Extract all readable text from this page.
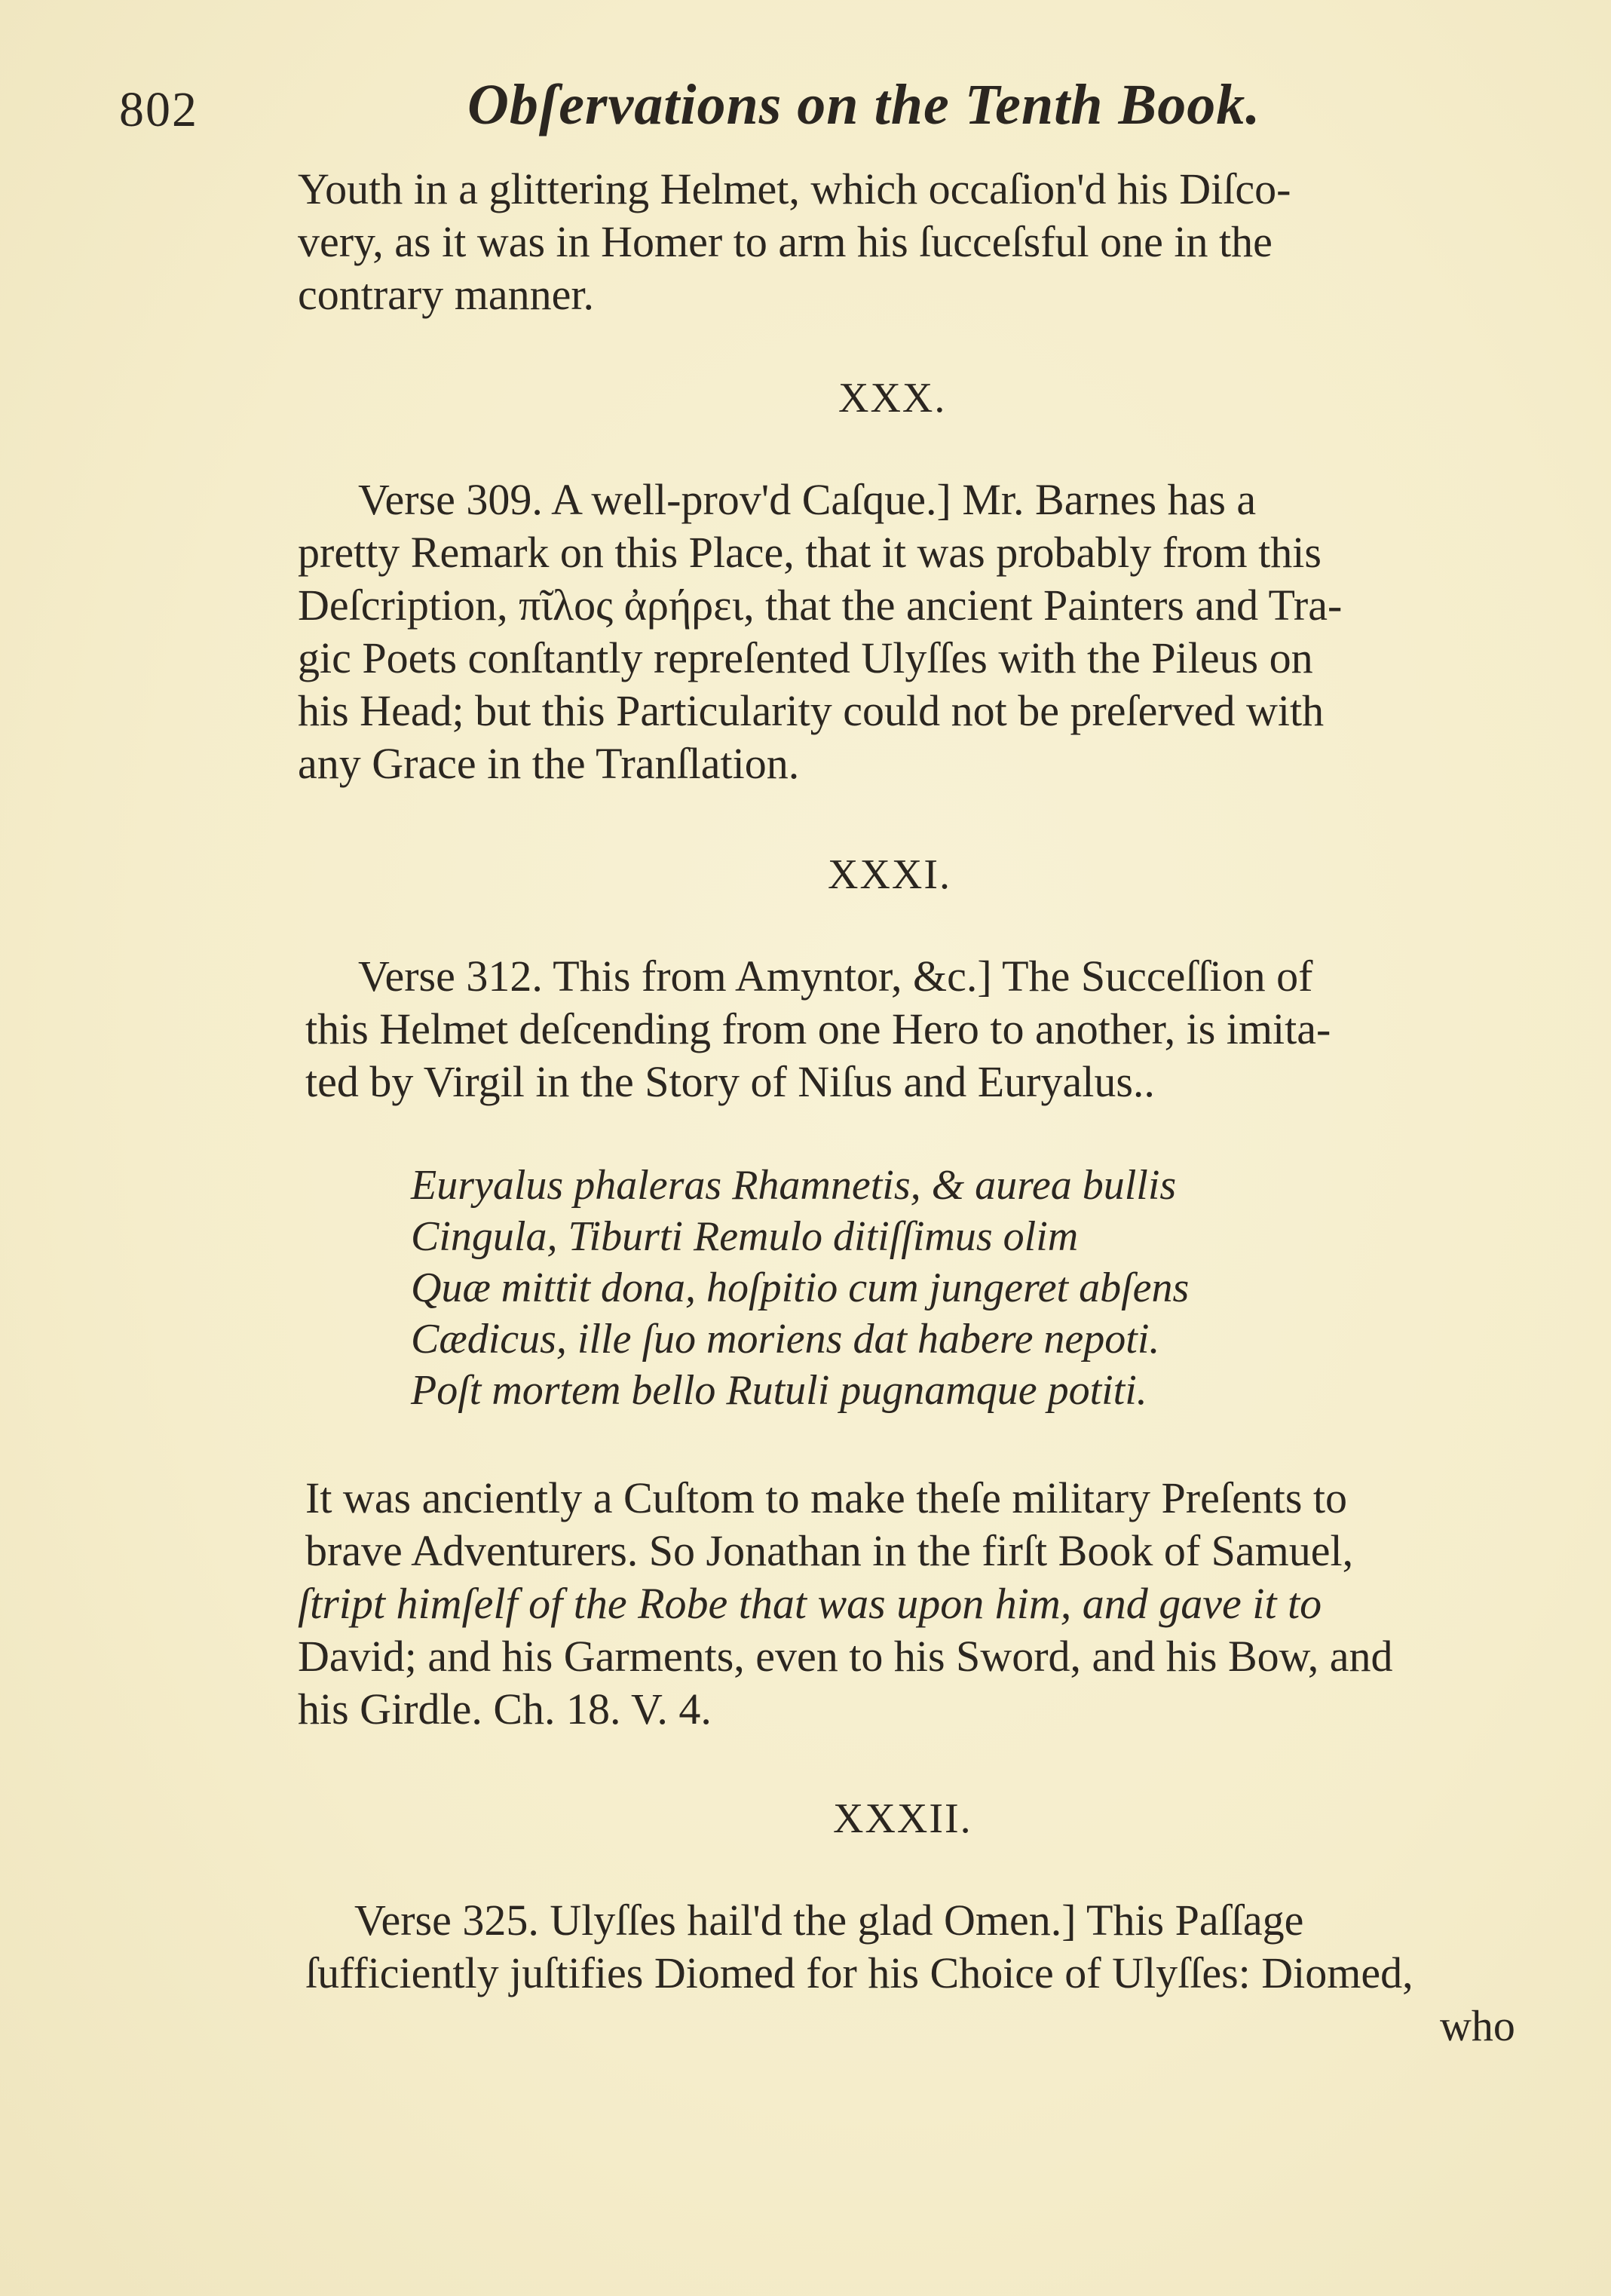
802	Obſervations on the Tenth Book.
Youth in a glittering Helmet, which occaſion'd his Diſco-
very, as it was in Homer to arm his ſucceſsful one in the
contrary manner.
XXX.
Verse 309. A well-prov'd Caſque.] Mr. Barnes has a
pretty Remark on this Place, that it was probably from this
Deſcription, πῖλος ἀρήρει, that the ancient Painters and Tra-
gic Poets conſtantly repreſented Ulyſſes with the Pileus on
his Head; but this Particularity could not be preſerved with
any Grace in the Tranſlation.
XXXI.
Verse 312. This from Amyntor, &c.] The Succeſſion of
this Helmet deſcending from one Hero to another, is imita-
ted by Virgil in the Story of Niſus and Euryalus..
Euryalus phaleras Rhamnetis, & aurea bullis
Cingula, Tiburti Remulo ditiſſimus olim
Quæ mittit dona, hoſpitio cum jungeret abſens
Cædicus, ille ſuo moriens dat habere nepoti.
Poſt mortem bello Rutuli pugnamque potiti.
It was anciently a Cuſtom to make theſe military Preſents to
brave Adventurers. So Jonathan in the firſt Book of Samuel,
ſtript himſelf of the Robe that was upon him, and gave it to
David; and his Garments, even to his Sword, and his Bow, and
his Girdle. Ch. 18. V. 4.
XXXII.
Verse 325. Ulyſſes hail'd the glad Omen.] This Paſſage
ſufficiently juſtifies Diomed for his Choice of Ulyſſes: Diomed,
who
